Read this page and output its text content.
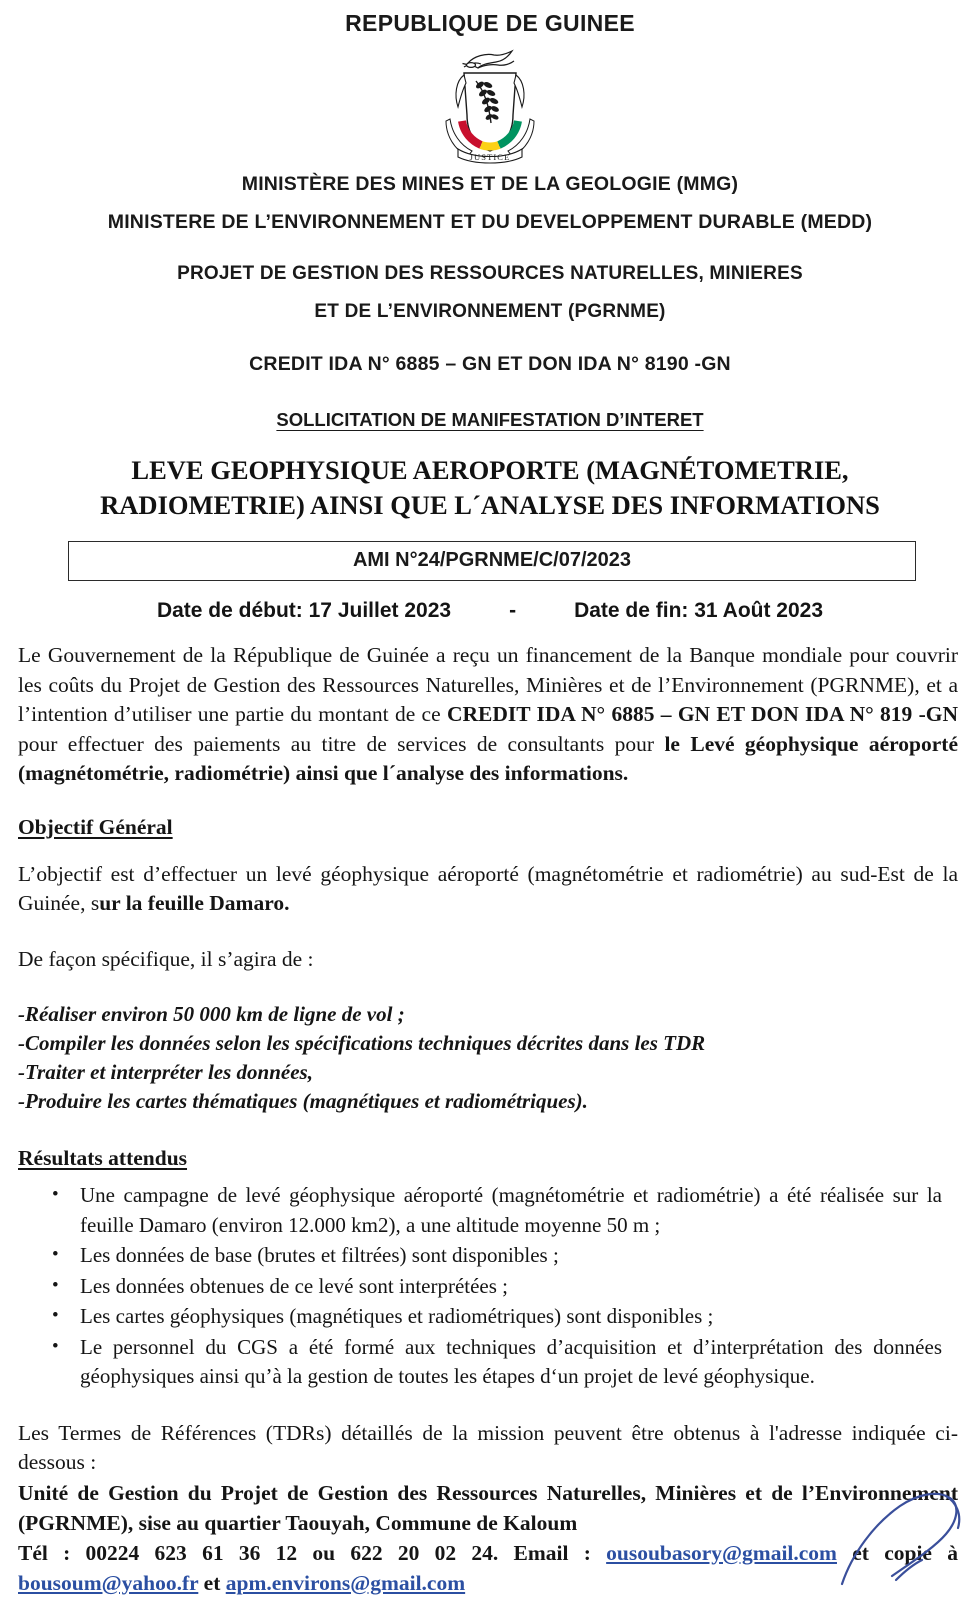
REPUBLIQUE DE GUINEE
JUSTICE
MINISTÈRE DES MINES ET DE LA GEOLOGIE (MMG)
MINISTERE DE L’ENVIRONNEMENT ET DU DEVELOPPEMENT DURABLE (MEDD)
PROJET DE GESTION DES RESSOURCES NATURELLES, MINIERES
ET DE L’ENVIRONNEMENT (PGRNME)
CREDIT IDA N° 6885 – GN ET DON IDA N° 8190 -GN
SOLLICITATION DE MANIFESTATION D’INTERET
LEVE GEOPHYSIQUE AEROPORTE (MAGNÉTOMETRIE,
RADIOMETRIE) AINSI QUE L´ANALYSE DES INFORMATIONS
AMI N°24/PGRNME/C/07/2023
Date de début: 17 Juillet 2023	-	Date de fin: 31 Août 2023

Le Gouvernement de la République de Guinée a reçu un financement de la Banque mondiale pour couvrir les coûts du Projet de Gestion des Ressources Naturelles, Minières et de l’Environnement (PGRNME), et a l’intention d’utiliser une partie du montant de ce CREDIT IDA N° 6885 – GN ET DON IDA N° 819 -GN pour effectuer des paiements au titre de services de consultants pour le Levé géophysique aéroporté (magnétométrie, radiométrie) ainsi que l´analyse des informations.

Objectif Général

L’objectif est d’effectuer un levé géophysique aéroporté (magnétométrie et radiométrie) au sud-Est de la Guinée, sur la feuille Damaro.

De façon spécifique, il s’agira de :

-Réaliser environ 50 000 km de ligne de vol ;
-Compiler les données selon les spécifications techniques décrites dans les TDR
-Traiter et interpréter les données,
-Produire les cartes thématiques (magnétiques et radiométriques).
Résultats attendus
• Une campagne de levé géophysique aéroporté (magnétométrie et radiométrie) a été réalisée sur la feuille Damaro (environ 12.000 km2), a une altitude moyenne 50 m ;
• Les données de base (brutes et filtrées) sont disponibles ;
• Les données obtenues de ce levé sont interprétées ;
• Les cartes géophysiques (magnétiques et radiométriques) sont disponibles ;
• Le personnel du CGS a été formé aux techniques d’acquisition et d’interprétation des données géophysiques ainsi qu’à la gestion de toutes les étapes d‘un projet de levé géophysique.

Les Termes de Références (TDRs) détaillés de la mission peuvent être obtenus à l'adresse indiquée ci-dessous :

Unité de Gestion du Projet de Gestion des Ressources Naturelles, Minières et de l’Environnement (PGRNME), sise au quartier Taouyah, Commune de Kaloum

Tél : 00224 623 61 36 12 ou 622 20 02 24. Email : ousoubasory@gmail.com et copie à bousoum@yahoo.fr et apm.environs@gmail.com
